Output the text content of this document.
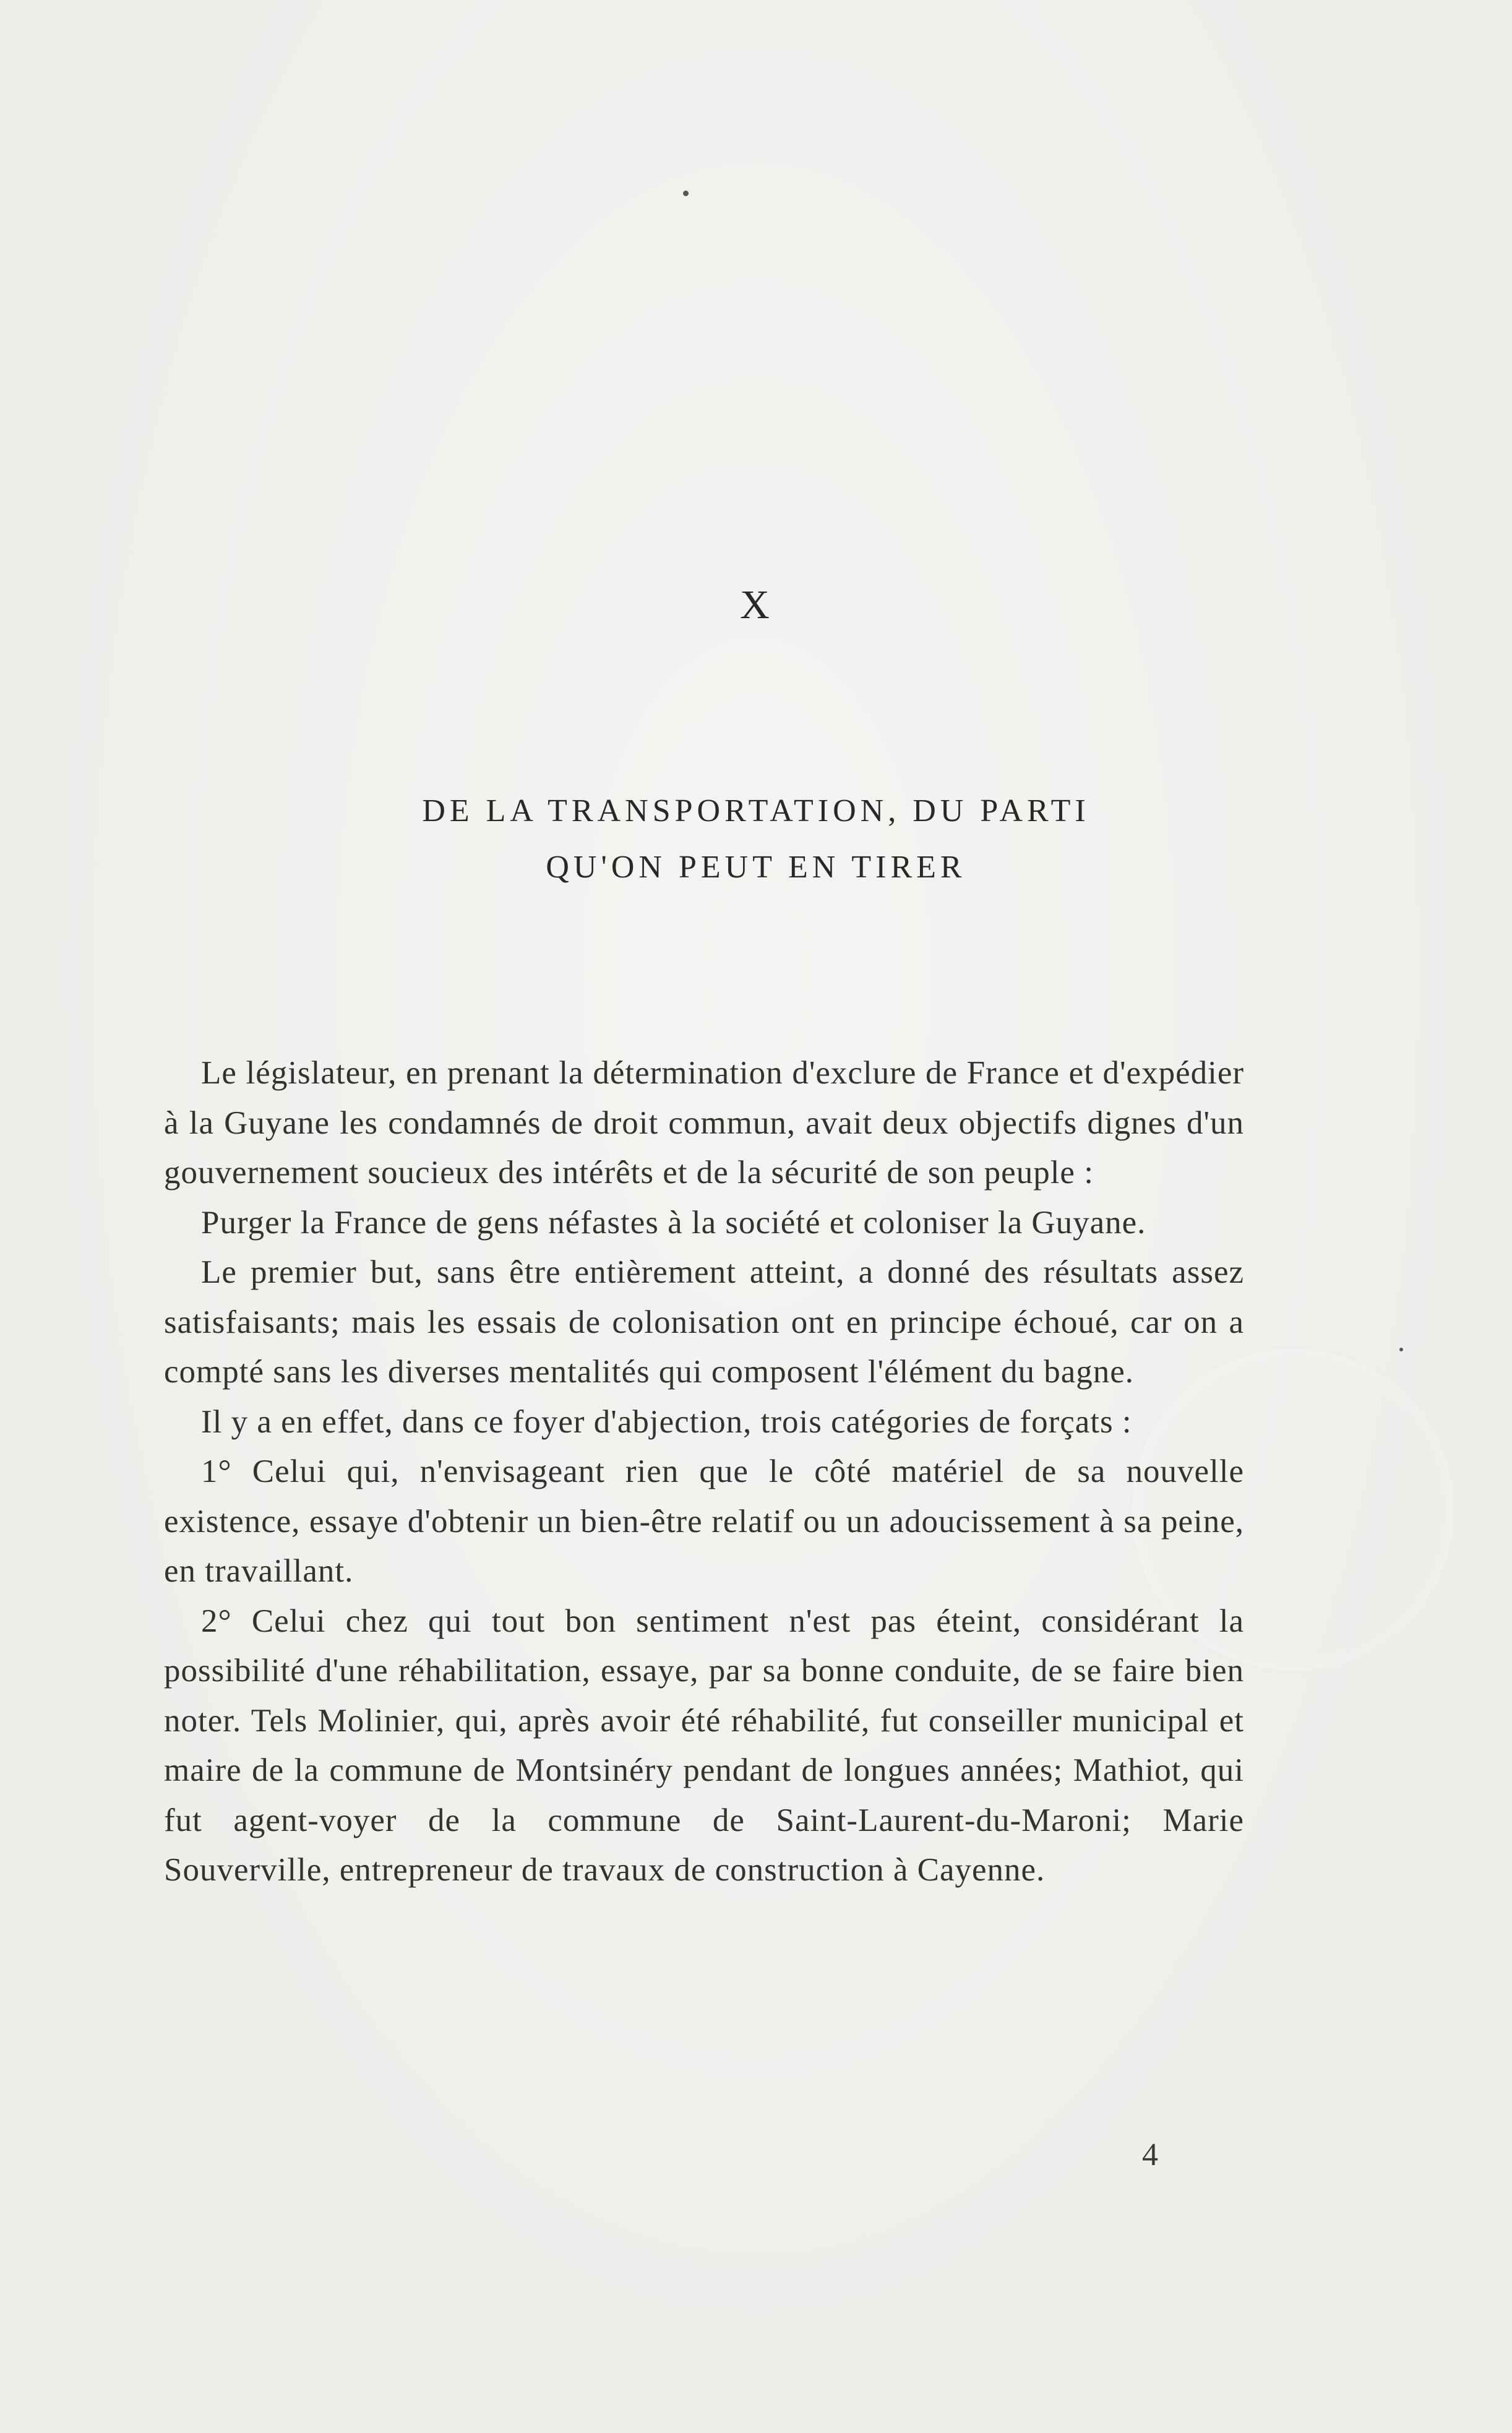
X
DE LA TRANSPORTATION, DU PARTI
QU'ON PEUT EN TIRER

Le législateur, en prenant la détermination d'exclure de France et d'expédier à la Guyane les condamnés de droit commun, avait deux objectifs dignes d'un gouvernement soucieux des intérêts et de la sécurité de son peuple :

Purger la France de gens néfastes à la société et coloniser la Guyane.

Le premier but, sans être entièrement atteint, a donné des résultats assez satisfaisants; mais les essais de colonisation ont en principe échoué, car on a compté sans les diverses mentalités qui composent l'élément du bagne.

Il y a en effet, dans ce foyer d'abjection, trois catégories de forçats :

1° Celui qui, n'envisageant rien que le côté matériel de sa nouvelle existence, essaye d'obtenir un bien-être relatif ou un adoucissement à sa peine, en travaillant.

2° Celui chez qui tout bon sentiment n'est pas éteint, considérant la possibilité d'une réhabilitation, essaye, par sa bonne conduite, de se faire bien noter. Tels Molinier, qui, après avoir été réhabilité, fut conseiller municipal et maire de la commune de Montsinéry pendant de longues années; Mathiot, qui fut agent-voyer de la commune de Saint-Laurent-du-Maroni; Marie Souverville, entrepreneur de travaux de construction à Cayenne.

4
